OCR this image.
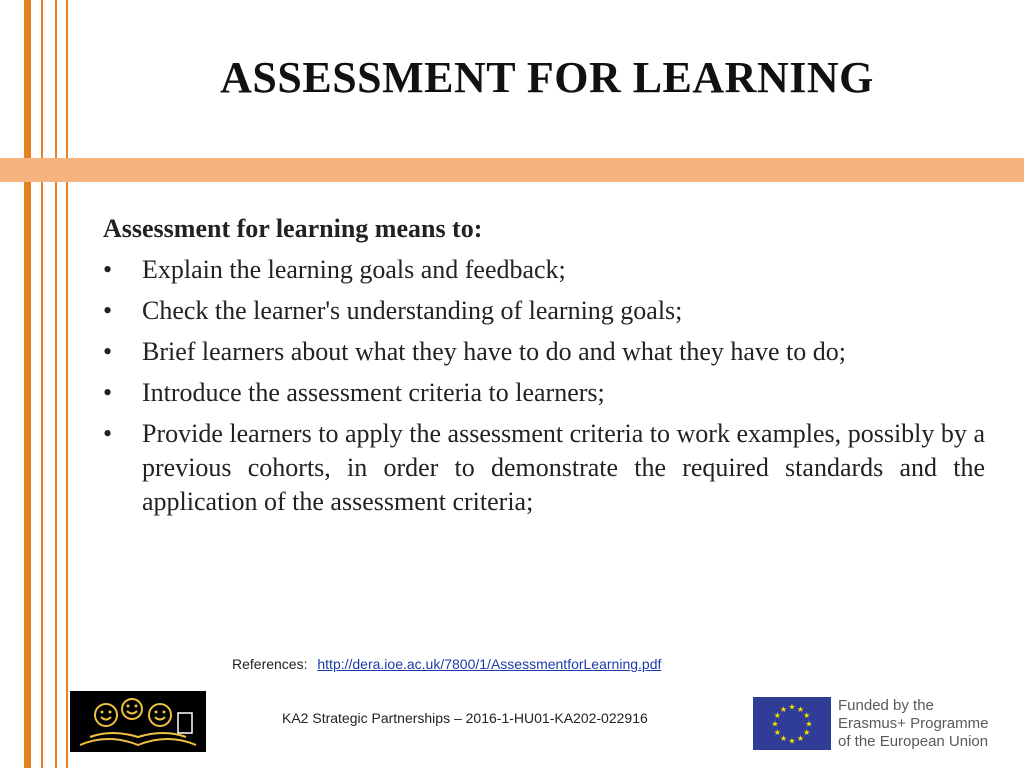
ASSESSMENT FOR LEARNING
Assessment for learning means to:
• Explain the learning goals and feedback;
• Check the learner's understanding of learning goals;
• Brief learners about what they have to do and what they have to do;
• Introduce the assessment criteria to learners;
• Provide learners to apply the assessment criteria to work examples, possibly by a previous cohorts, in order to demonstrate the required standards and the application of the assessment criteria;
References: http://dera.ioe.ac.uk/7800/1/AssessmentforLearning.pdf
KA2 Strategic Partnerships – 2016-1-HU01-KA202-022916
★ ★
★
★
★
★
★
★
★
★
★
★	Funded by the
Erasmus+ Programme
of the European Union
